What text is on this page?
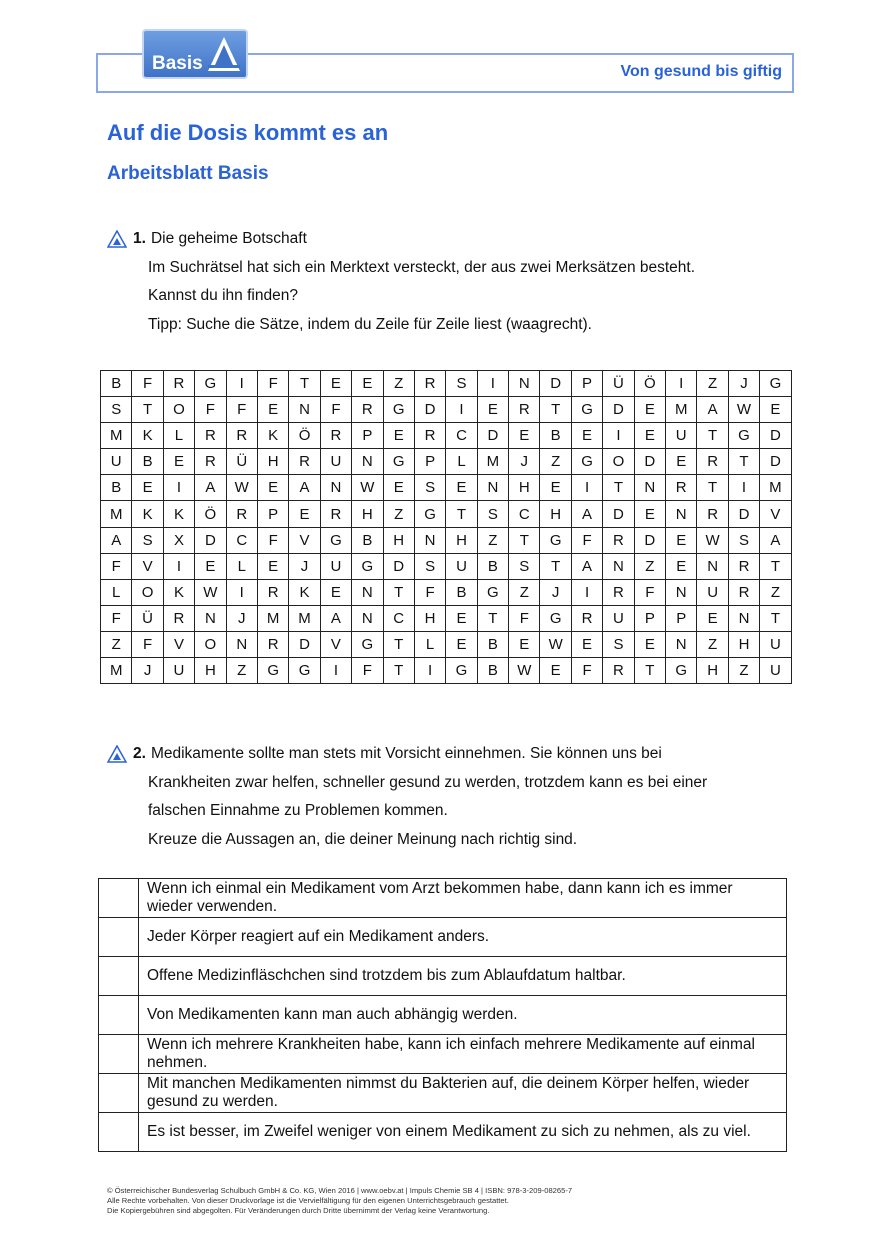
Basis	Von gesund bis giftig
Auf die Dosis kommt es an
Arbeitsblatt Basis
1. Die geheime Botschaft
Im Suchrätsel hat sich ein Merktext versteckt, der aus zwei Merksätzen besteht.
Kannst du ihn finden?
Tipp: Suche die Sätze, indem du Zeile für Zeile liest (waagrecht).
B	F	R	G	I	F	T	E	E	Z	R	S	I	N	D	P	Ü	Ö	I	Z	J	G
S	T	O	F	F	E	N	F	R	G	D	I	E	R	T	G	D	E	M	A	W	E
M	K	L	R	R	K	Ö	R	P	E	R	C	D	E	B	E	I	E	U	T	G	D
U	B	E	R	Ü	H	R	U	N	G	P	L	M	J	Z	G	O	D	E	R	T	D
B	E	I	A	W	E	A	N	W	E	S	E	N	H	E	I	T	N	R	T	I	M
M	K	K	Ö	R	P	E	R	H	Z	G	T	S	C	H	A	D	E	N	R	D	V
A	S	X	D	C	F	V	G	B	H	N	H	Z	T	G	F	R	D	E	W	S	A
F	V	I	E	L	E	J	U	G	D	S	U	B	S	T	A	N	Z	E	N	R	T
L	O	K	W	I	R	K	E	N	T	F	B	G	Z	J	I	R	F	N	U	R	Z
F	Ü	R	N	J	M	M	A	N	C	H	E	T	F	G	R	U	P	P	E	N	T
Z	F	V	O	N	R	D	V	G	T	L	E	B	E	W	E	S	E	N	Z	H	U
M	J	U	H	Z	G	G	I	F	T	I	G	B	W	E	F	R	T	G	H	Z	U
2. Medikamente sollte man stets mit Vorsicht einnehmen. Sie können uns bei
Krankheiten zwar helfen, schneller gesund zu werden, trotzdem kann es bei einer
falschen Einnahme zu Problemen kommen.
Kreuze die Aussagen an, die deiner Meinung nach richtig sind.
	Wenn ich einmal ein Medikament vom Arzt bekommen habe, dann kann ich es immer wieder verwenden.
	Jeder Körper reagiert auf ein Medikament anders.
	Offene Medizinfläschchen sind trotzdem bis zum Ablaufdatum haltbar.
	Von Medikamenten kann man auch abhängig werden.
	Wenn ich mehrere Krankheiten habe, kann ich einfach mehrere Medikamente auf einmal nehmen.
	Mit manchen Medikamenten nimmst du Bakterien auf, die deinem Körper helfen, wieder gesund zu werden.
	Es ist besser, im Zweifel weniger von einem Medikament zu sich zu nehmen, als zu viel.
© Österreichischer Bundesverlag Schulbuch GmbH & Co. KG, Wien 2016 | www.oebv.at | Impuls Chemie SB 4 | ISBN: 978-3-209-08265-7
Alle Rechte vorbehalten. Von dieser Druckvorlage ist die Vervielfältigung für den eigenen Unterrichtsgebrauch gestattet.
Die Kopiergebühren sind abgegolten. Für Veränderungen durch Dritte übernimmt der Verlag keine Verantwortung.
